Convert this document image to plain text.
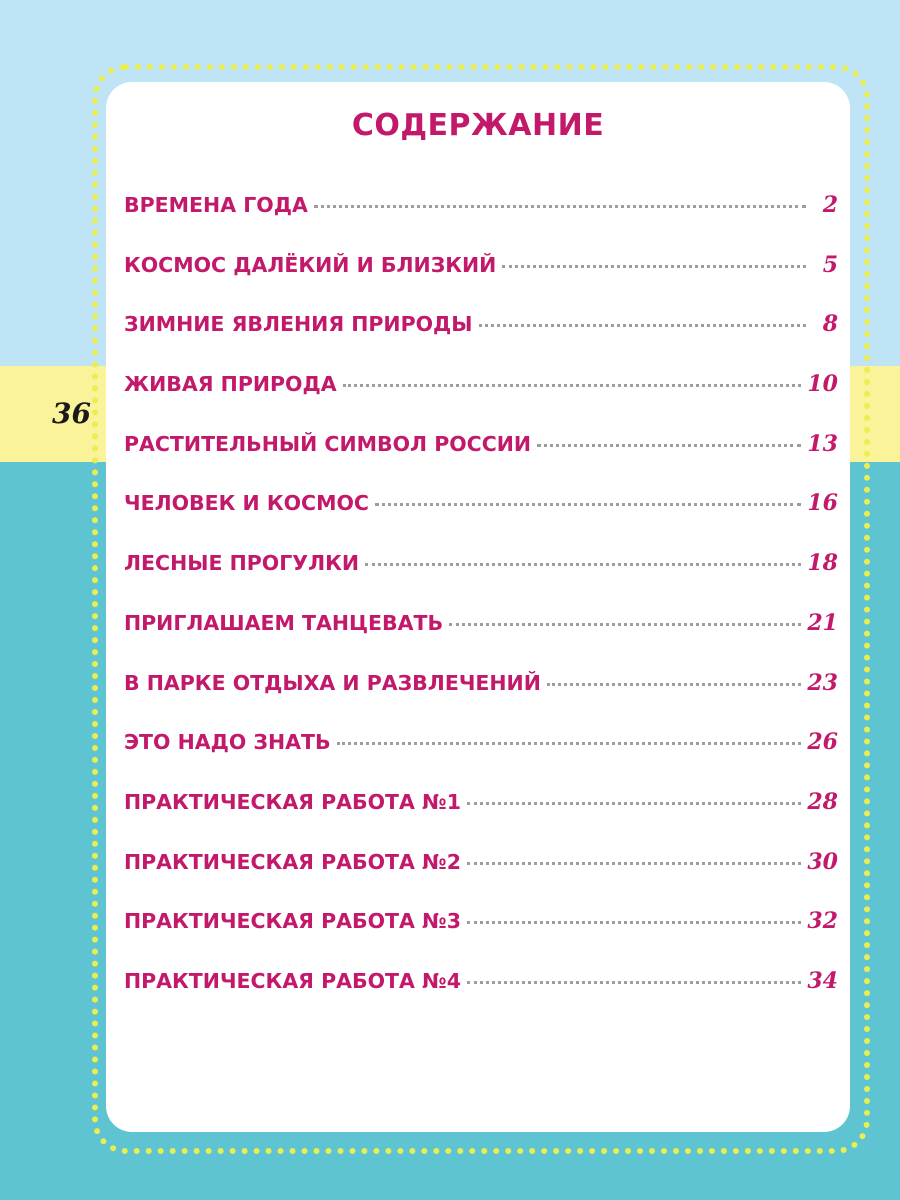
36
СОДЕРЖАНИЕ
ВРЕМЕНА ГОДА	2
КОСМОС ДАЛЁКИЙ И БЛИЗКИЙ	5
ЗИМНИЕ ЯВЛЕНИЯ ПРИРОДЫ	8
ЖИВАЯ ПРИРОДА	10
РАСТИТЕЛЬНЫЙ СИМВОЛ РОССИИ	13
ЧЕЛОВЕК И КОСМОС	16
ЛЕСНЫЕ ПРОГУЛКИ	18
ПРИГЛАШАЕМ ТАНЦЕВАТЬ	21
В ПАРКЕ ОТДЫХА И РАЗВЛЕЧЕНИЙ	23
ЭТО НАДО ЗНАТЬ	26
ПРАКТИЧЕСКАЯ РАБОТА №1	28
ПРАКТИЧЕСКАЯ РАБОТА №2	30
ПРАКТИЧЕСКАЯ РАБОТА №3	32
ПРАКТИЧЕСКАЯ РАБОТА №4	34
